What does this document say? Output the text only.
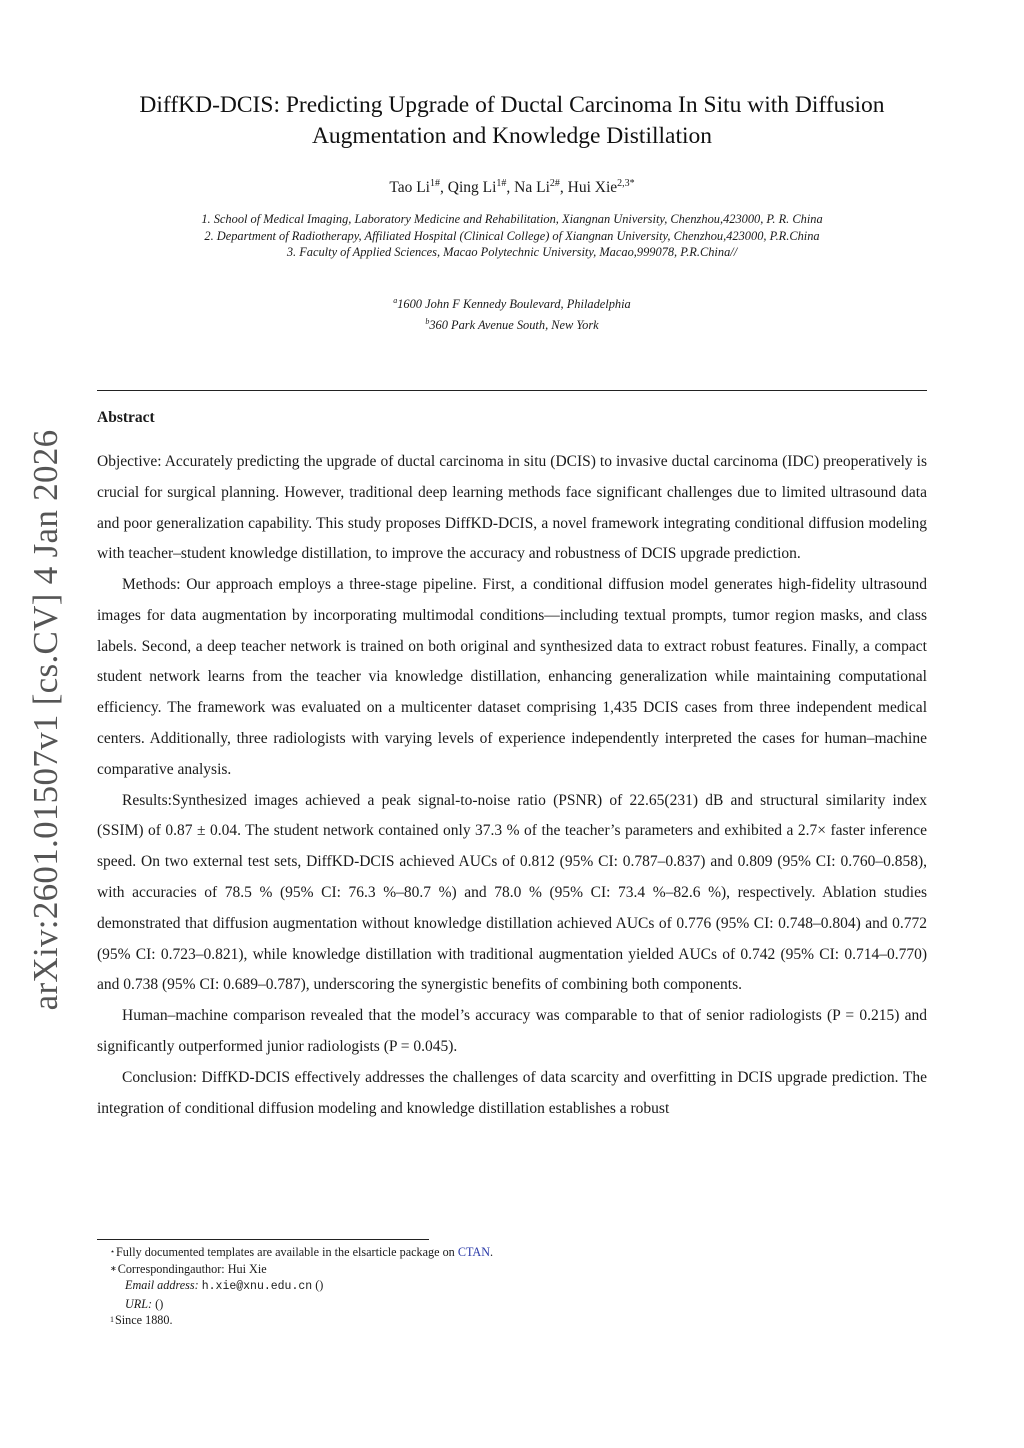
arXiv:2601.01507v1 [cs.CV] 4 Jan 2026
DiffKD-DCIS: Predicting Upgrade of Ductal Carcinoma In Situ with Diffusion
Augmentation and Knowledge Distillation
Tao $Li^{1\#}$, Qing $Li^{1\#}$, Na $Li^{2\#}$, Hui Xie$^{2,3*}$
1. School of Medical Imaging, Laboratory Medicine and Rehabilitation, Xiangnan University, Chenzhou,423000, P. R. China
2. Department of Radiotherapy, Affiliated Hospital (Clinical College) of Xiangnan University, Chenzhou,423000, P.R.China
3. Faculty of Applied Sciences, Macao Polytechnic University, Macao,999078, P.R.China//
$^a$1600 John F Kennedy Boulevard, Philadelphia
$^b$360 Park Avenue South, New York
Abstract

Objective: Accurately predicting the upgrade of ductal carcinoma in situ (DCIS) to invasive ductal carcinoma (IDC) preoperatively is crucial for surgical planning. However, traditional deep learning methods face significant challenges due to limited ultrasound data and poor generalization capability. This study proposes DiffKD-DCIS, a novel framework integrating conditional diffusion modeling with teacher–student knowledge distillation, to improve the accuracy and robustness of DCIS upgrade prediction.

Methods: Our approach employs a three-stage pipeline. First, a conditional diffusion model generates high-fidelity ultrasound images for data augmentation by incorporating multimodal conditions—including textual prompts, tumor region masks, and class labels. Second, a deep teacher network is trained on both original and synthesized data to extract robust features. Finally, a compact student network learns from the teacher via knowledge distillation, enhancing generalization while maintaining computational efficiency. The framework was evaluated on a multicenter dataset comprising 1,435 DCIS cases from three independent medical centers. Additionally, three radiologists with varying levels of experience independently interpreted the cases for human–machine comparative analysis.

Results:Synthesized images achieved a peak signal-to-noise ratio (PSNR) of 22.65(231) dB and structural similarity index (SSIM) of 0.87 ± 0.04. The student network contained only 37.3 % of the teacher’s parameters and exhibited a 2.7× faster inference speed. On two external test sets, DiffKD-DCIS achieved AUCs of 0.812 (95% CI: 0.787–0.837) and 0.809 (95% CI: 0.760–0.858), with accuracies of 78.5 % (95% CI: 76.3 %–80.7 %) and 78.0 % (95% CI: 73.4 %–82.6 %), respectively. Ablation studies demonstrated that diffusion augmentation without knowledge distillation achieved AUCs of 0.776 (95% CI: 0.748–0.804) and 0.772 (95% CI: 0.723–0.821), while knowledge distillation with traditional augmentation yielded AUCs of 0.742 (95% CI: 0.714–0.770) and 0.738 (95% CI: 0.689–0.787), underscoring the synergistic benefits of combining both components.

Human–machine comparison revealed that the model’s accuracy was comparable to that of senior radiologists (P = 0.215) and significantly outperformed junior radiologists (P = 0.045).

Conclusion: DiffKD-DCIS effectively addresses the challenges of data scarcity and overfitting in DCIS upgrade prediction. The integration of conditional diffusion modeling and knowledge distillation establishes a robust

⋆Fully documented templates are available in the elsarticle package on CTAN.
∗Correspondingauthor: Hui Xie
Email address: h.xie@xnu.edu.cn ()
URL: ()
$^1$Since 1880.
